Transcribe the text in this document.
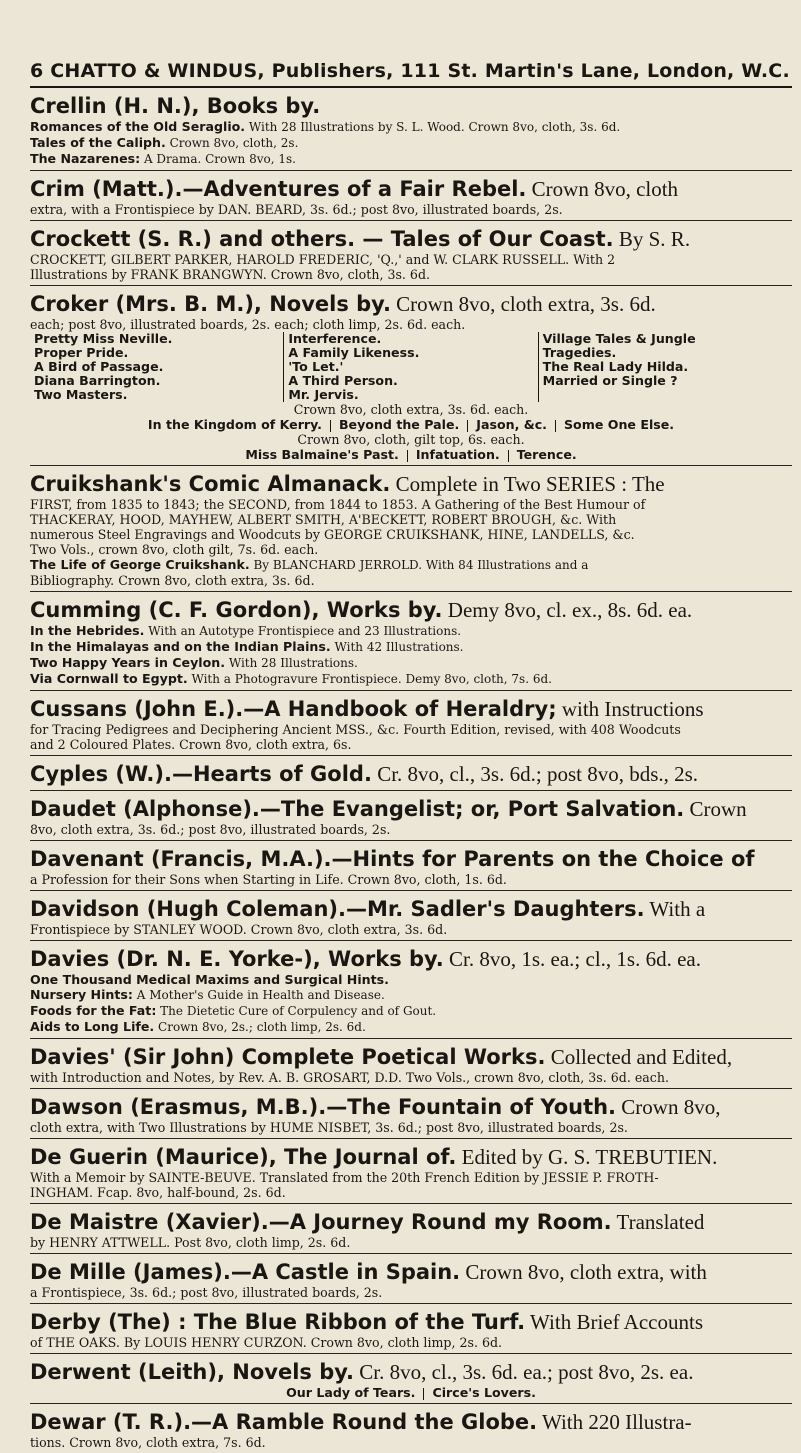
6 CHATTO & WINDUS, Publishers, 111 St. Martin's Lane, London, W.C.
Crellin (H. N.), Books by.
Romances of the Old Seraglio. With 28 Illustrations by S. L. Wood. Crown 8vo, cloth, 3s. 6d.
Tales of the Caliph. Crown 8vo, cloth, 2s.
The Nazarenes: A Drama. Crown 8vo, 1s.
Crim (Matt.).—Adventures of a Fair Rebel. Crown 8vo, cloth
extra, with a Frontispiece by DAN. BEARD, 3s. 6d.; post 8vo, illustrated boards, 2s.
Crockett (S. R.) and others. — Tales of Our Coast. By S. R.
CROCKETT, GILBERT PARKER, HAROLD FREDERIC, 'Q.,' and W. CLARK RUSSELL. With 2
Illustrations by FRANK BRANGWYN. Crown 8vo, cloth, 3s. 6d.
Croker (Mrs. B. M.), Novels by. Crown 8vo, cloth extra, 3s. 6d.
each; post 8vo, illustrated boards, 2s. each; cloth limp, 2s. 6d. each.
Pretty Miss Neville.
Proper Pride.
A Bird of Passage.
Diana Barrington.
Two Masters.
Interference.
A Family Likeness.
'To Let.'
A Third Person.
Mr. Jervis.
Village Tales & Jungle
Tragedies.
The Real Lady Hilda.
Married or Single ?
Crown 8vo, cloth extra, 3s. 6d. each.
In the Kingdom of Kerry. Beyond the Pale. Jason, &c. Some One Else.
Crown 8vo, cloth, gilt top, 6s. each.
Miss Balmaine's Past. Infatuation. Terence.
Cruikshank's Comic Almanack. Complete in Two SERIES : The
FIRST, from 1835 to 1843; the SECOND, from 1844 to 1853. A Gathering of the Best Humour of
THACKERAY, HOOD, MAYHEW, ALBERT SMITH, A'BECKETT, ROBERT BROUGH, &c. With
numerous Steel Engravings and Woodcuts by GEORGE CRUIKSHANK, HINE, LANDELLS, &c.
Two Vols., crown 8vo, cloth gilt, 7s. 6d. each.
The Life of George Cruikshank. By BLANCHARD JERROLD. With 84 Illustrations and a
Bibliography. Crown 8vo, cloth extra, 3s. 6d.
Cumming (C. F. Gordon), Works by. Demy 8vo, cl. ex., 8s. 6d. ea.
In the Hebrides. With an Autotype Frontispiece and 23 Illustrations.
In the Himalayas and on the Indian Plains. With 42 Illustrations.
Two Happy Years in Ceylon. With 28 Illustrations.
Via Cornwall to Egypt. With a Photogravure Frontispiece. Demy 8vo, cloth, 7s. 6d.
Cussans (John E.).—A Handbook of Heraldry; with Instructions
for Tracing Pedigrees and Deciphering Ancient MSS., &c. Fourth Edition, revised, with 408 Woodcuts
and 2 Coloured Plates. Crown 8vo, cloth extra, 6s.
Cyples (W.).—Hearts of Gold. Cr. 8vo, cl., 3s. 6d.; post 8vo, bds., 2s.
Daudet (Alphonse).—The Evangelist; or, Port Salvation. Crown
8vo, cloth extra, 3s. 6d.; post 8vo, illustrated boards, 2s.
Davenant (Francis, M.A.).—Hints for Parents on the Choice of
a Profession for their Sons when Starting in Life. Crown 8vo, cloth, 1s. 6d.
Davidson (Hugh Coleman).—Mr. Sadler's Daughters. With a
Frontispiece by STANLEY WOOD. Crown 8vo, cloth extra, 3s. 6d.
Davies (Dr. N. E. Yorke-), Works by. Cr. 8vo, 1s. ea.; cl., 1s. 6d. ea.
One Thousand Medical Maxims and Surgical Hints.
Nursery Hints: A Mother's Guide in Health and Disease.
Foods for the Fat: The Dietetic Cure of Corpulency and of Gout.
Aids to Long Life. Crown 8vo, 2s.; cloth limp, 2s. 6d.
Davies' (Sir John) Complete Poetical Works. Collected and Edited,
with Introduction and Notes, by Rev. A. B. GROSART, D.D. Two Vols., crown 8vo, cloth, 3s. 6d. each.
Dawson (Erasmus, M.B.).—The Fountain of Youth. Crown 8vo,
cloth extra, with Two Illustrations by HUME NISBET, 3s. 6d.; post 8vo, illustrated boards, 2s.
De Guerin (Maurice), The Journal of. Edited by G. S. TREBUTIEN.
With a Memoir by SAINTE-BEUVE. Translated from the 20th French Edition by JESSIE P. FROTH-
INGHAM. Fcap. 8vo, half-bound, 2s. 6d.
De Maistre (Xavier).—A Journey Round my Room. Translated
by HENRY ATTWELL. Post 8vo, cloth limp, 2s. 6d.
De Mille (James).—A Castle in Spain. Crown 8vo, cloth extra, with
a Frontispiece, 3s. 6d.; post 8vo, illustrated boards, 2s.
Derby (The) : The Blue Ribbon of the Turf. With Brief Accounts
of THE OAKS. By LOUIS HENRY CURZON. Crown 8vo, cloth limp, 2s. 6d.
Derwent (Leith), Novels by. Cr. 8vo, cl., 3s. 6d. ea.; post 8vo, 2s. ea.
Our Lady of Tears. Circe's Lovers.
Dewar (T. R.).—A Ramble Round the Globe. With 220 Illustra-
tions. Crown 8vo, cloth extra, 7s. 6d.
